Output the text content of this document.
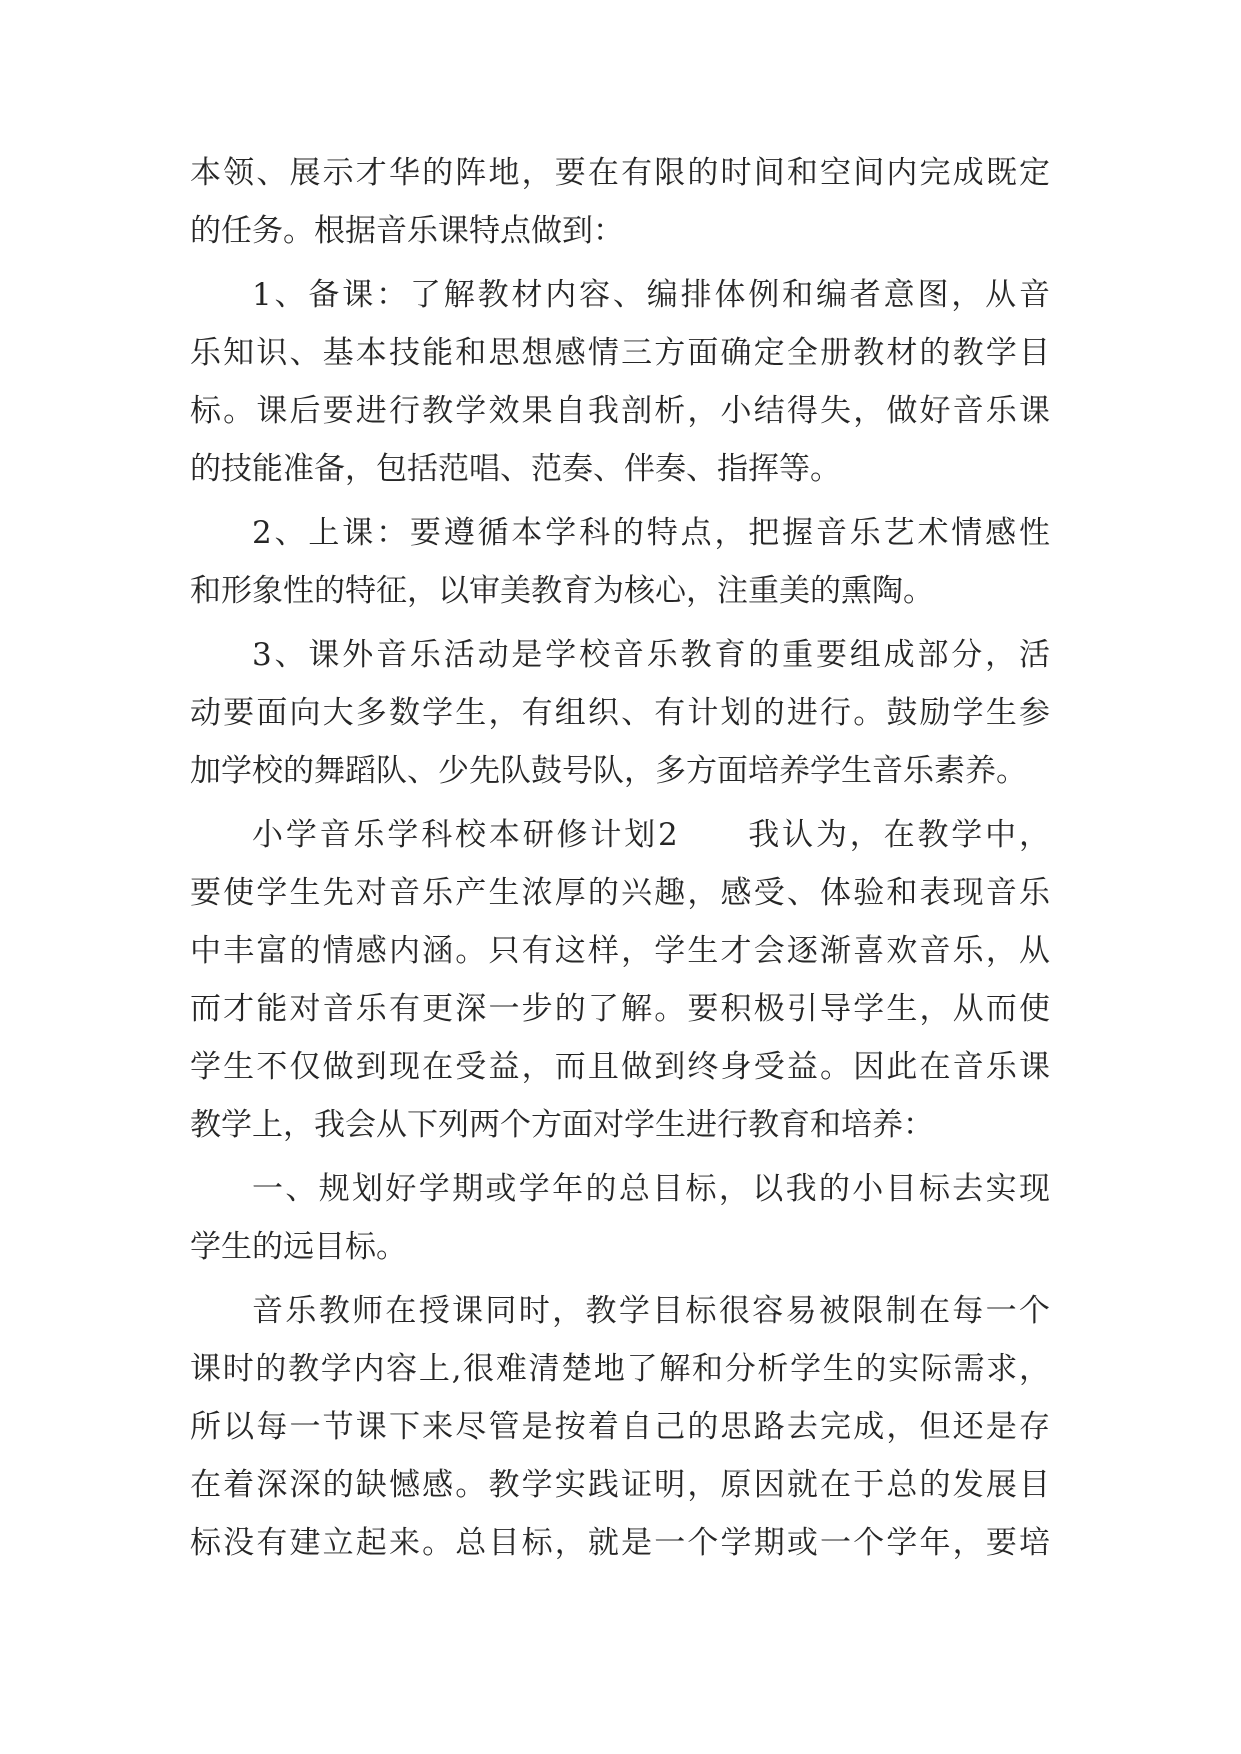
本领、展示才华的阵地，要在有限的时间和空间内完成既定
的任务。根据音乐课特点做到：
1、备课：了解教材内容、编排体例和编者意图，从音
乐知识、基本技能和思想感情三方面确定全册教材的教学目
标。课后要进行教学效果自我剖析，小结得失，做好音乐课
的技能准备，包括范唱、范奏、伴奏、指挥等。
2、上课：要遵循本学科的特点，把握音乐艺术情感性
和形象性的特征，以审美教育为核心，注重美的熏陶。
3、课外音乐活动是学校音乐教育的重要组成部分，活
动要面向大多数学生，有组织、有计划的进行。鼓励学生参
加学校的舞蹈队、少先队鼓号队，多方面培养学生音乐素养。
小学音乐学科校本研修计划2　　我认为，在教学中，
要使学生先对音乐产生浓厚的兴趣，感受、体验和表现音乐
中丰富的情感内涵。只有这样，学生才会逐渐喜欢音乐，从
而才能对音乐有更深一步的了解。要积极引导学生，从而使
学生不仅做到现在受益，而且做到终身受益。因此在音乐课
教学上，我会从下列两个方面对学生进行教育和培养：
一、规划好学期或学年的总目标，以我的小目标去实现
学生的远目标。
音乐教师在授课同时，教学目标很容易被限制在每一个
课时的教学内容上,很难清楚地了解和分析学生的实际需求，
所以每一节课下来尽管是按着自己的思路去完成，但还是存
在着深深的缺憾感。教学实践证明，原因就在于总的发展目
标没有建立起来。总目标，就是一个学期或一个学年，要培
